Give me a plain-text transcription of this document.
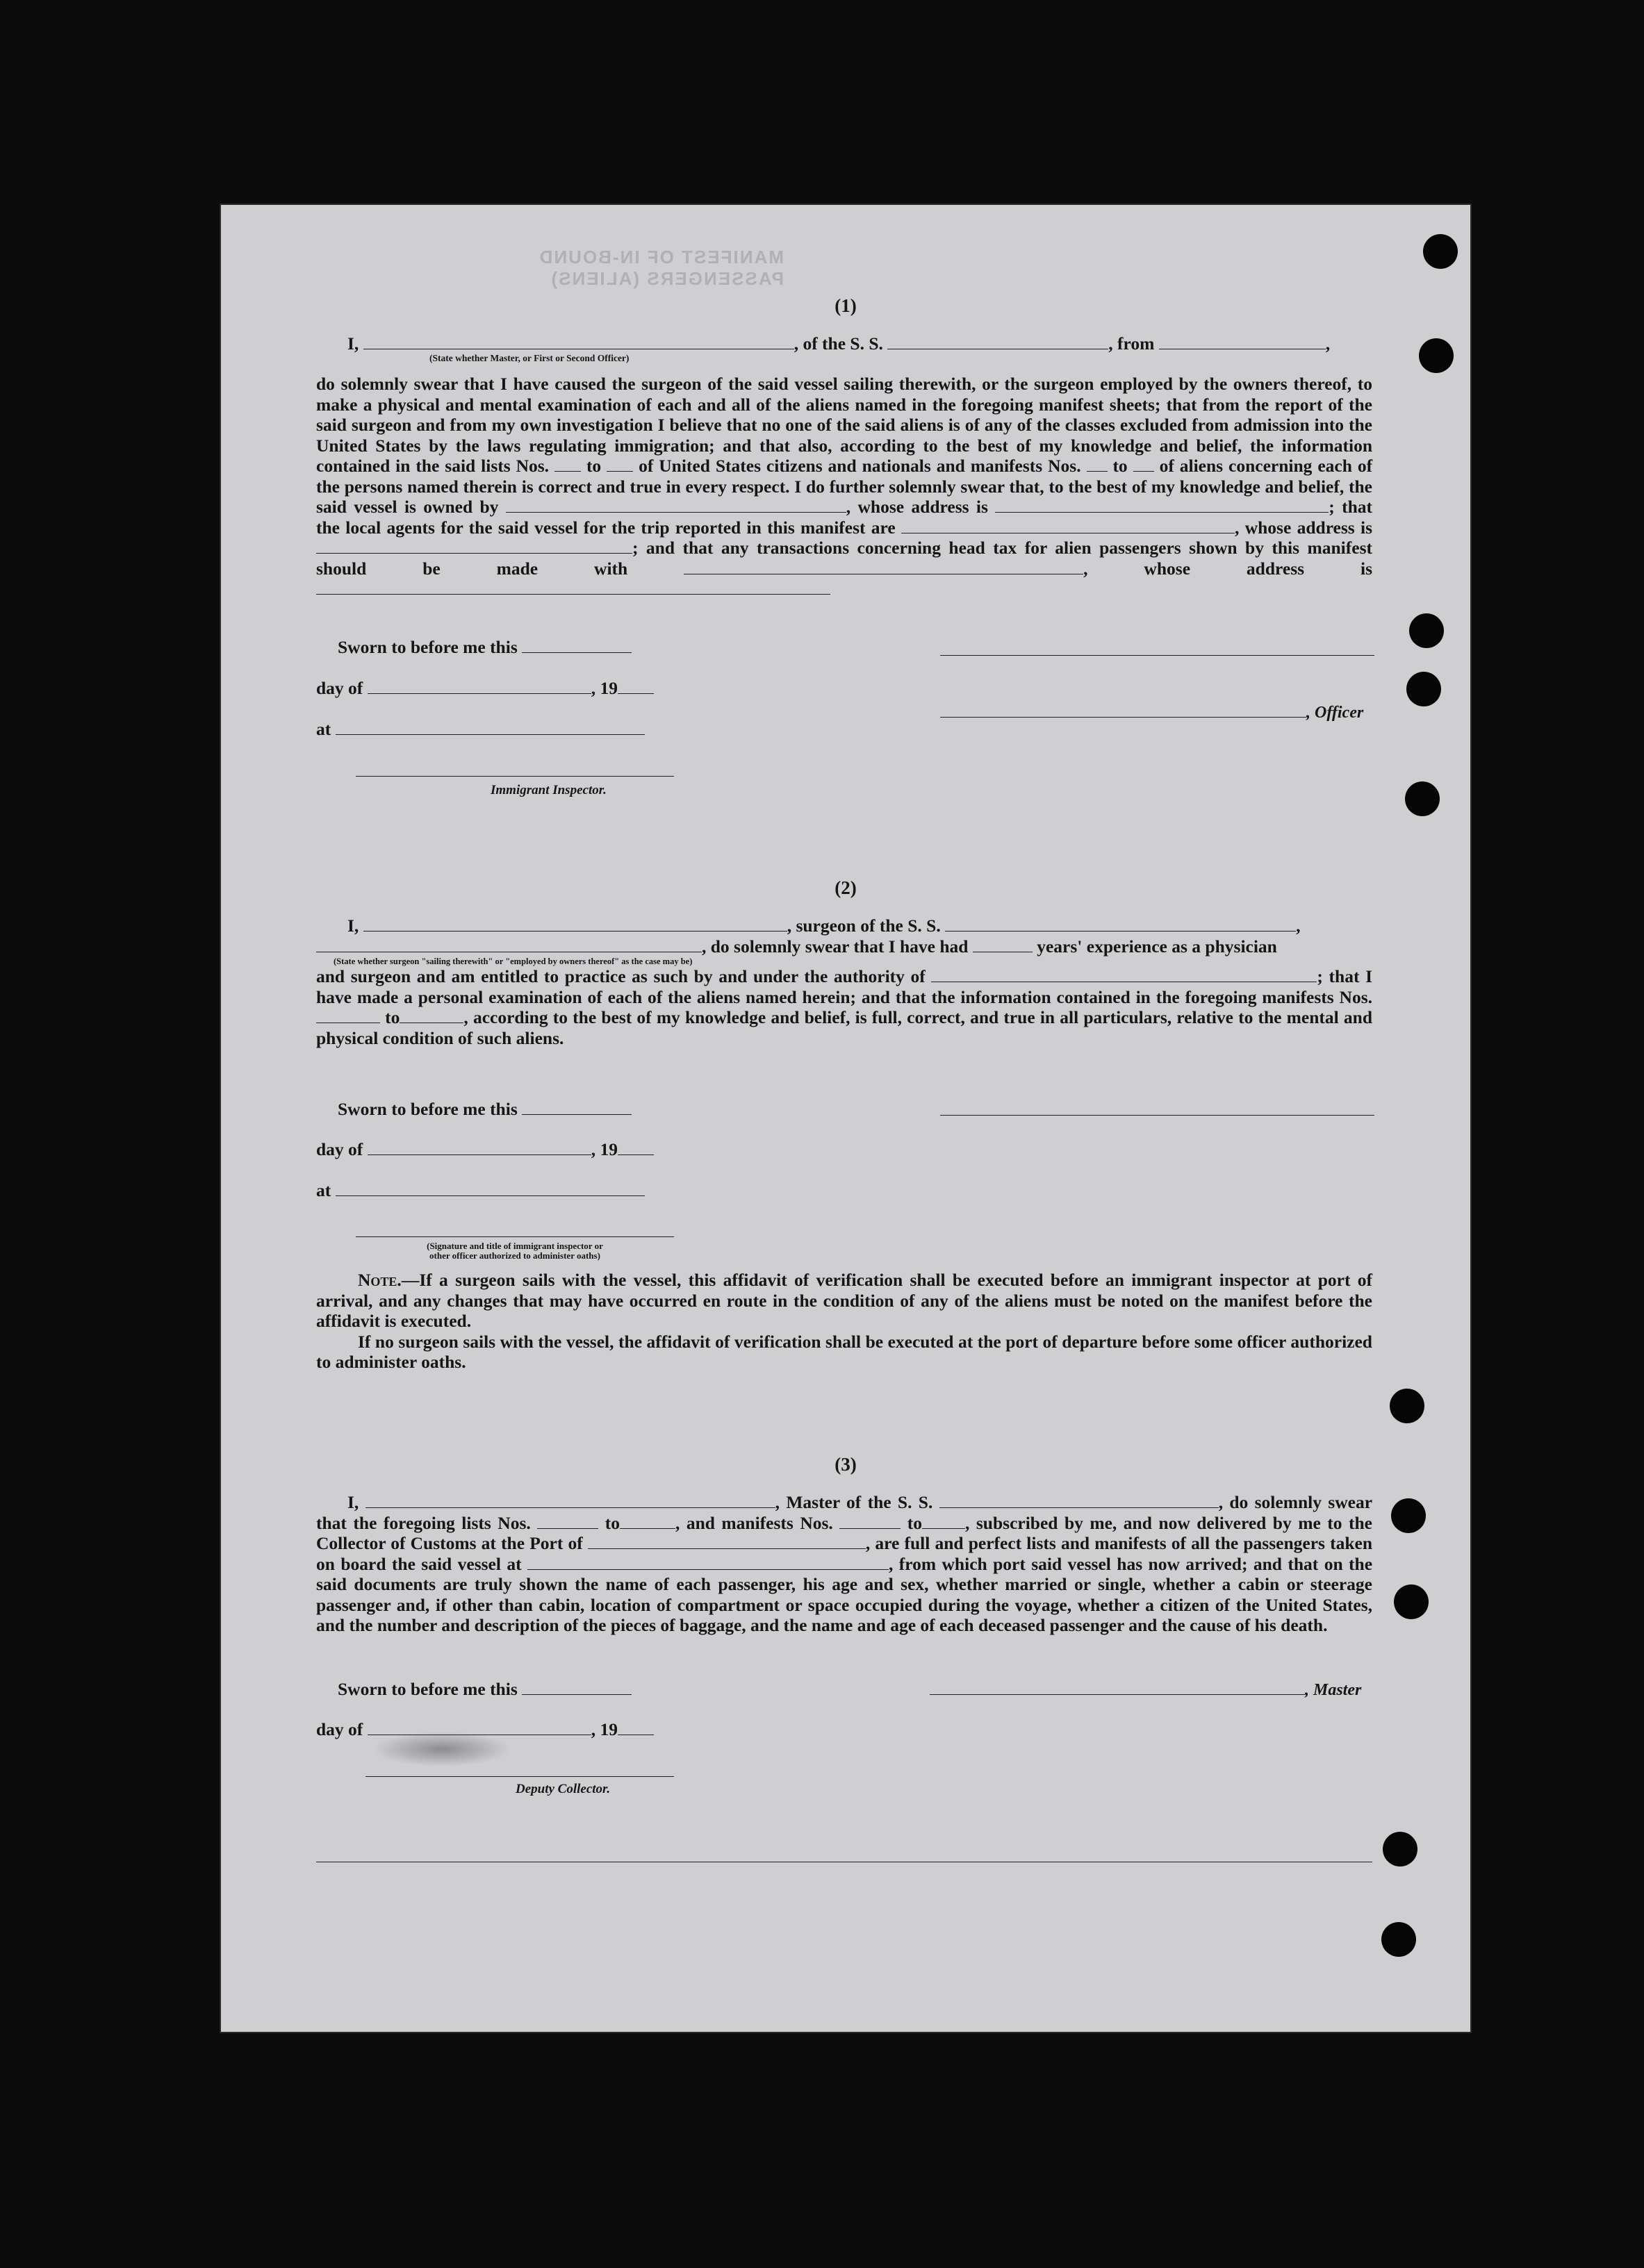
MANIFEST OF IN-BOUND PASSENGERS (ALIENS)
(1)

I,	, of the S. S.	, from	,

(State whether Master, or First or Second Officer)

do solemnly swear that I have caused the surgeon of the said vessel sailing therewith, or the surgeon employed by the owners thereof, to make a physical and mental examination of each and all of the aliens named in the foregoing manifest sheets; that from the report of the said surgeon and from my own investigation I believe that no one of the said aliens is of any of the classes excluded from admission into the United States by the laws regulating immigration; and that also, according to the best of my knowledge and belief, the information contained in the said lists Nos. to of United States citizens and nationals and manifests Nos. to of aliens concerning each of the persons named therein is correct and true in every respect. I do further solemnly swear that, to the best of my knowledge and belief, the said vessel is owned by	, whose address is	; that the local agents for the said vessel for the trip reported in this manifest are	, whose address is ; and that any transactions concerning head tax for alien passengers shown by this manifest should be made with	, whose address is

Sworn to before me this
day of	, 19
at
Immigrant Inspector.
, Officer
(2)

I,	, surgeon of the S. S.	,

, do solemnly swear that I have had	years' experience as a physician

and surgeon and am entitled to practice as such by and under the authority of	; that I have made a personal examination of each of the aliens named herein; and that the information contained in the foregoing manifests Nos.  to	, according to the best of my knowledge and belief, is full, correct, and true in all particulars, relative to the mental and physical condition of such aliens.

(State whether surgeon "sailing therewith" or "employed by owners thereof" as the case may be)
Sworn to before me this
day of	, 19
at
(Signature and title of immigrant inspector or
other officer authorized to administer oaths)

Note.—If a surgeon sails with the vessel, this affidavit of verification shall be executed before an immigrant inspector at port of arrival, and any changes that may have occurred en route in the condition of any of the aliens must be noted on the manifest before the affidavit is executed.

If no surgeon sails with the vessel, the affidavit of verification shall be executed at the port of departure before some officer authorized to administer oaths.

(3)

I,	, Master of the S. S.	, do solemnly swear that the foregoing lists Nos.	to	, and manifests Nos.	to , subscribed by me, and now delivered by me to the Collector of Customs at the Port of	, are full and perfect lists and manifests of all the passengers taken on board the said vessel at	, from which port said vessel has now arrived; and that on the said documents are truly shown the name of each passenger, his age and sex, whether married or single, whether a cabin or steerage passenger and, if other than cabin, location of compartment or space occupied during the voyage, whether a citizen of the United States, and the number and description of the pieces of baggage, and the name and age of each deceased passenger and the cause of his death.

Sworn to before me this	, Master
day of	, 19
Deputy Collector.
